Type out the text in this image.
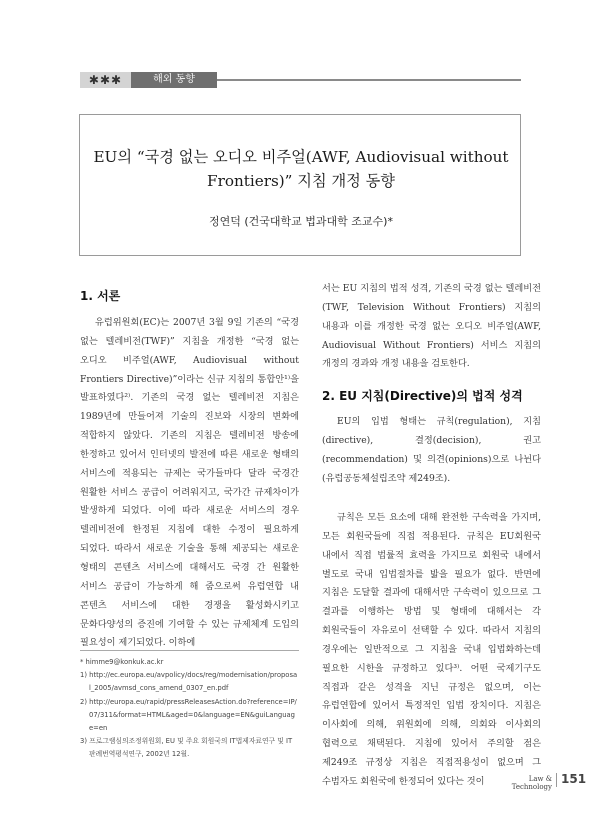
✱✱✱	해외 동향
EU의 “국경 없는 오디오 비주얼(AWF, Audiovisual without
Frontiers)” 지침 개정 동향
정연덕 (건국대학교 법과대학 조교수)*
1. 서론

유럽위원회(EC)는 2007년 3월 9일 기존의 “국경 없는 텔레비전(TWF)” 지침을 개정한 “국경 없는 오디오 비주얼(AWF, Audiovisual without Frontiers Directive)”이라는 신규 지침의 통합안¹⁾을 발표하였다²⁾. 기존의 국경 없는 텔레비전 지침은 1989년에 만들어져 기술의 진보와 시장의 변화에 적합하지 않았다. 기존의 지침은 텔레비전 방송에 한정하고 있어서 인터넷의 발전에 따른 새로운 형태의 서비스에 적용되는 규제는 국가들마다 달라 국경간 원활한 서비스 공급이 어려워지고, 국가간 규제차이가 발생하게 되었다. 이에 따라 새로운 서비스의 경우 텔레비전에 한정된 지침에 대한 수정이 필요하게 되었다. 따라서 새로운 기술을 통해 제공되는 새로운 형태의 콘텐츠 서비스에 대해서도 국경 간 원활한 서비스 공급이 가능하게 해 줌으로써 유럽연합 내 콘텐츠 서비스에 대한 경쟁을 활성화시키고 문화다양성의 증진에 기여할 수 있는 규제체계 도입의 필요성이 제기되었다. 이하에

서는 EU 지침의 법적 성격, 기존의 국경 없는 텔레비전(TWF, Television Without Frontiers) 지침의 내용과 이를 개정한 국경 없는 오디오 비주얼(AWF, Audiovisual Without Frontiers) 서비스 지침의 개정의 경과와 개정 내용을 검토한다.

2. EU 지침(Directive)의 법적 성격

EU의 입법 형태는 규칙(regulation), 지침(directive), 결정(decision), 권고(recommendation) 및 의견(opinions)으로 나뉜다(유럽공동체설립조약 제249조).

규칙은 모든 요소에 대해 완전한 구속력을 가지며, 모든 회원국들에 직접 적용된다. 규칙은 EU회원국 내에서 직접 법률적 효력을 가지므로 회원국 내에서 별도로 국내 입법절차를 밟을 필요가 없다. 반면에 지침은 도달할 결과에 대해서만 구속력이 있으므로 그 결과를 이행하는 방법 및 형태에 대해서는 각 회원국들이 자유로이 선택할 수 있다. 따라서 지침의 경우에는 일반적으로 그 지침을 국내 입법화하는데 필요한 시한을 규정하고 있다³⁾. 어떤 국제기구도 직접과 같은 성격을 지닌 규정은 없으며, 이는 유럽연합에 있어서 특정적인 입법 장치이다. 지침은 이사회에 의해, 위원회에 의해, 의회와 이사회의 협력으로 채택된다. 지침에 있어서 주의할 점은 제249조 규정상 지침은 직접적용성이 없으며 그 수범자도 회원국에 한정되어 있다는 것이

* himme9@konkuk.ac.kr

1) http://ec.europa.eu/avpolicy/docs/reg/modernisation/proposal_2005/avmsd_cons_amend_0307_en.pdf

2) http://europa.eu/rapid/pressReleasesAction.do?reference=IP/07/311&format=HTML&aged=0&language=EN&guiLanguage=en

3) 프로그램심의조정위원회, EU 및 주요 회원국의 IT법제자료연구 및 IT 판례번역평석연구, 2002년 12월.

Law & Technology
151
